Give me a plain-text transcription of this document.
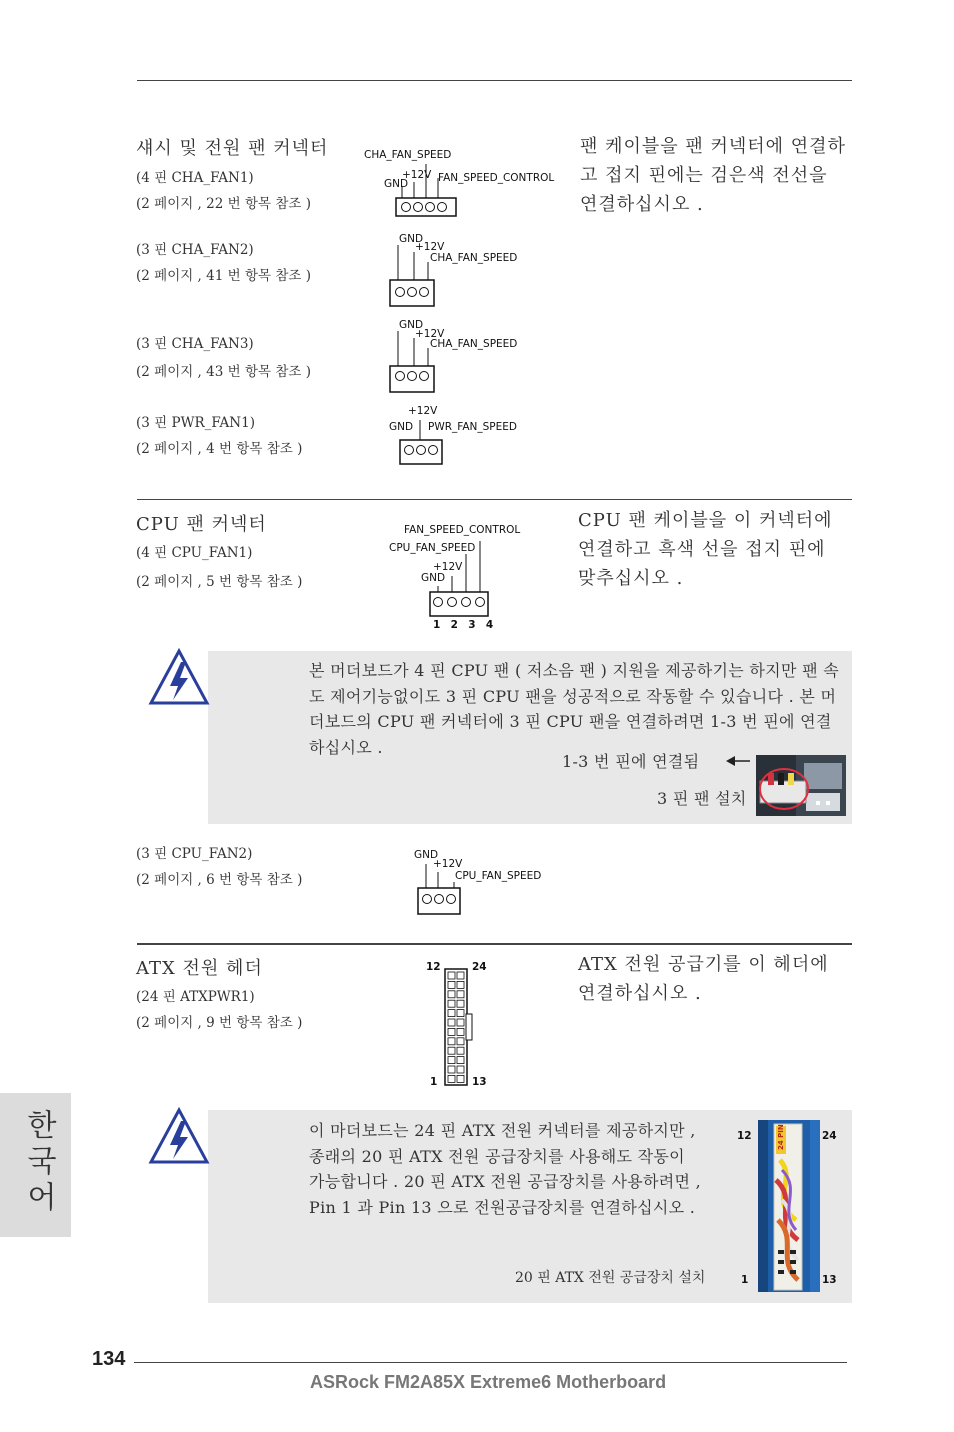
섀시 및 전원 팬 커넥터
(4 핀 CHA_FAN1)
(2 페이지 , 22 번 항목 참조 )
(3 핀 CHA_FAN2)
(2 페이지 , 41 번 항목 참조 )
(3 핀 CHA_FAN3)
(2 페이지 , 43 번 항목 참조 )
(3 핀 PWR_FAN1)
(2 페이지 , 4 번 항목 참조 )
팬 케이블을 팬 커넥터에 연결하
고 접지 핀에는 검은색 전선을
연결하십시오 .
CHA_FAN_SPEED
+12V FAN_SPEED_CONTROL
GND
GND
+12V
CHA_FAN_SPEED
GND
+12V
CHA_FAN_SPEED
+12V
GND PWR_FAN_SPEED
CPU 팬 커넥터
(4 핀 CPU_FAN1)
(2 페이지 , 5 번 항목 참조 )
CPU 팬 케이블을 이 커넥터에
연결하고 흑색 선을 접지 핀에
맞추십시오 .
FAN_SPEED_CONTROL
CPU_FAN_SPEED
+12V
GND
1  2  3  4
본 머더보드가 4 핀 CPU 팬 ( 저소음 팬 ) 지원을 제공하기는 하지만 팬 속
도 제어기능없이도 3 핀 CPU 팬을 성공적으로 작동할 수 있습니다 . 본 머
더보드의 CPU 팬 커넥터에 3 핀 CPU 팬을 연결하려면 1-3 번 핀에 연결
하십시오 .
1-3 번 핀에 연결됨
3 핀 팬 설치
(3 핀 CPU_FAN2)
(2 페이지 , 6 번 항목 참조 )
GND
+12V
CPU_FAN_SPEED
ATX 전원 헤더
(24 핀 ATXPWR1)
(2 페이지 , 9 번 항목 참조 )
ATX 전원 공급기를 이 헤더에
연결하십시오 .
12	24
1	13
이 마더보드는 24 핀 ATX 전원 커넥터를 제공하지만 ,
종래의 20 핀 ATX 전원 공급장치를 사용해도 작동이
가능합니다 . 20 핀 ATX 전원 공급장치를 사용하려면 ,
Pin 1 과 Pin 13 으로 전원공급장치를 연결하십시오 .
20 핀 ATX 전원 공급장치 설치
12	24
1	13
24 PIN
한국어
134
ASRock FM2A85X Extreme6 Motherboard
